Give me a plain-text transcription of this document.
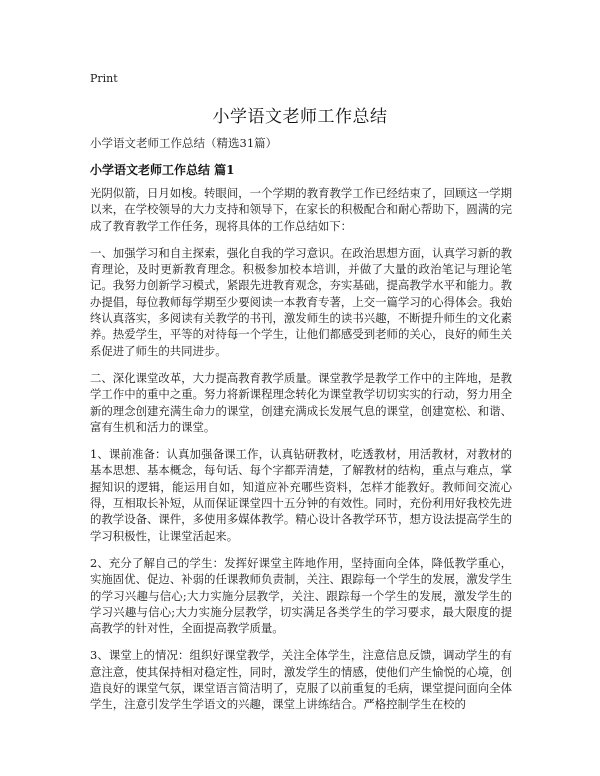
Print
小学语文老师工作总结
小学语文老师工作总结（精选31篇）
小学语文老师工作总结 篇1

光阴似箭，日月如梭。转眼间，一个学期的教育教学工作已经结束了，回顾这一学期以来，在学校领导的大力支持和领导下，在家长的积极配合和耐心帮助下，圆满的完成了教育教学工作任务，现将具体的工作总结如下：

一、加强学习和自主探索，强化自我的学习意识。在政治思想方面，认真学习新的教育理论，及时更新教育理念。积极参加校本培训，并做了大量的政治笔记与理论笔记。我努力创新学习模式，紧跟先进教育观念，夯实基础，提高教学水平和能力。教办提倡，每位教师每学期至少要阅读一本教育专著，上交一篇学习的心得体会。我始终认真落实，多阅读有关教学的书刊，激发师生的读书兴趣，不断提升师生的文化素养。热爱学生，平等的对待每一个学生，让他们都感受到老师的关心，良好的师生关系促进了师生的共同进步。

二、深化课堂改革，大力提高教育教学质量。课堂教学是教学工作中的主阵地，是教学工作中的重中之重。努力将新课程理念转化为课堂教学切切实实的行动，努力用全新的理念创建充满生命力的课堂，创建充满成长发展气息的课堂，创建宽松、和谐、富有生机和活力的课堂。

1、课前准备：认真加强备课工作，认真钻研教材，吃透教材，用活教材，对教材的基本思想、基本概念，每句话、每个字都弄清楚，了解教材的结构，重点与难点，掌握知识的逻辑，能运用自如，知道应补充哪些资料，怎样才能教好。教师间交流心得，互相取长补短，从而保证课堂四十五分钟的有效性。同时，充份利用好我校先进的教学设备、课件，多使用多媒体教学。精心设计各教学环节，想方设法提高学生的学习积极性，让课堂活起来。

2、充分了解自己的学生：发挥好课堂主阵地作用，坚持面向全体，降低教学重心，实施固优、促边、补弱的任课教师负责制，关注、跟踪每一个学生的发展，激发学生的学习兴趣与信心;大力实施分层教学，关注、跟踪每一个学生的发展，激发学生的学习兴趣与信心;大力实施分层教学，切实满足各类学生的学习要求，最大限度的提高教学的针对性，全面提高教学质量。

3、课堂上的情况：组织好课堂教学，关注全体学生，注意信息反馈，调动学生的有意注意，使其保持相对稳定性，同时，激发学生的情感，使他们产生愉悦的心境，创造良好的课堂气氛，课堂语言简洁明了，克服了以前重复的毛病，课堂提问面向全体学生，注意引发学生学语文的兴趣，课堂上讲练结合。严格控制学生在校的
